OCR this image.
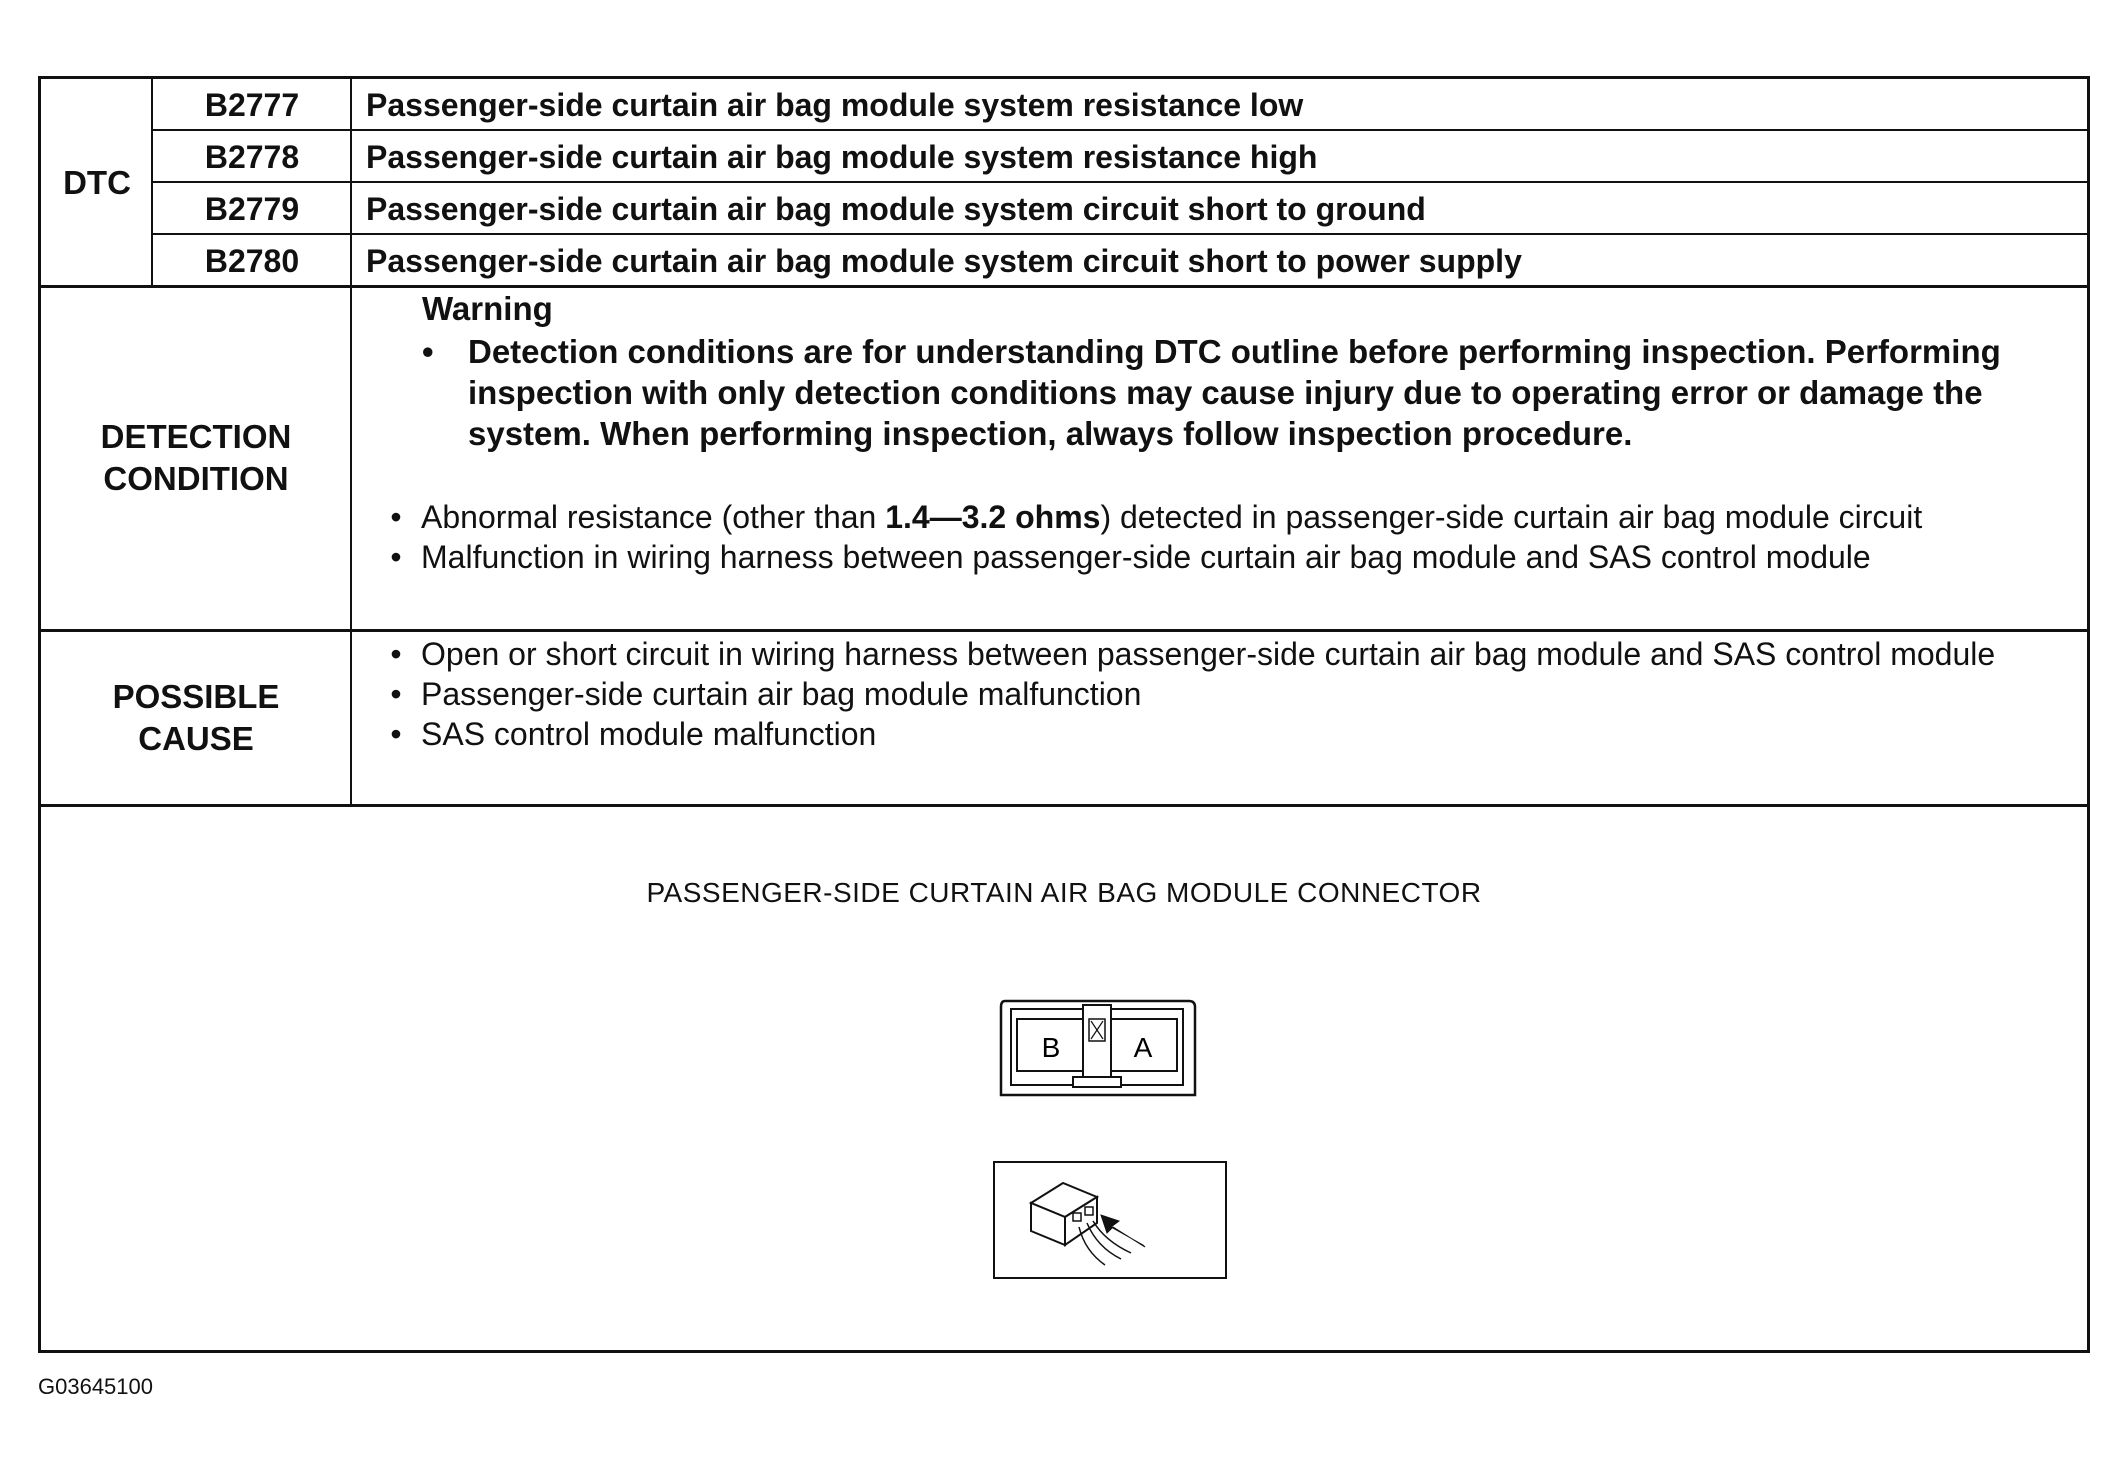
DTC
B2777	Passenger-side curtain air bag module system resistance low
B2778	Passenger-side curtain air bag module system resistance high
B2779	Passenger-side curtain air bag module system circuit short to ground
B2780	Passenger-side curtain air bag module system circuit short to power supply
DETECTION
CONDITION
Warning
•	Detection conditions are for understanding DTC outline before performing inspection. Performing inspection with only detection conditions may cause injury due to operating error or damage the system. When performing inspection, always follow inspection procedure.
• Abnormal resistance (other than 1.4—3.2 ohms) detected in passenger-side curtain air bag module circuit
• Malfunction in wiring harness between passenger-side curtain air bag module and SAS control module
POSSIBLE
CAUSE
• Open or short circuit in wiring harness between passenger-side curtain air bag module and SAS control module
• Passenger-side curtain air bag module malfunction
• SAS control module malfunction
PASSENGER-SIDE CURTAIN AIR BAG MODULE CONNECTOR
B	A
G03645100
